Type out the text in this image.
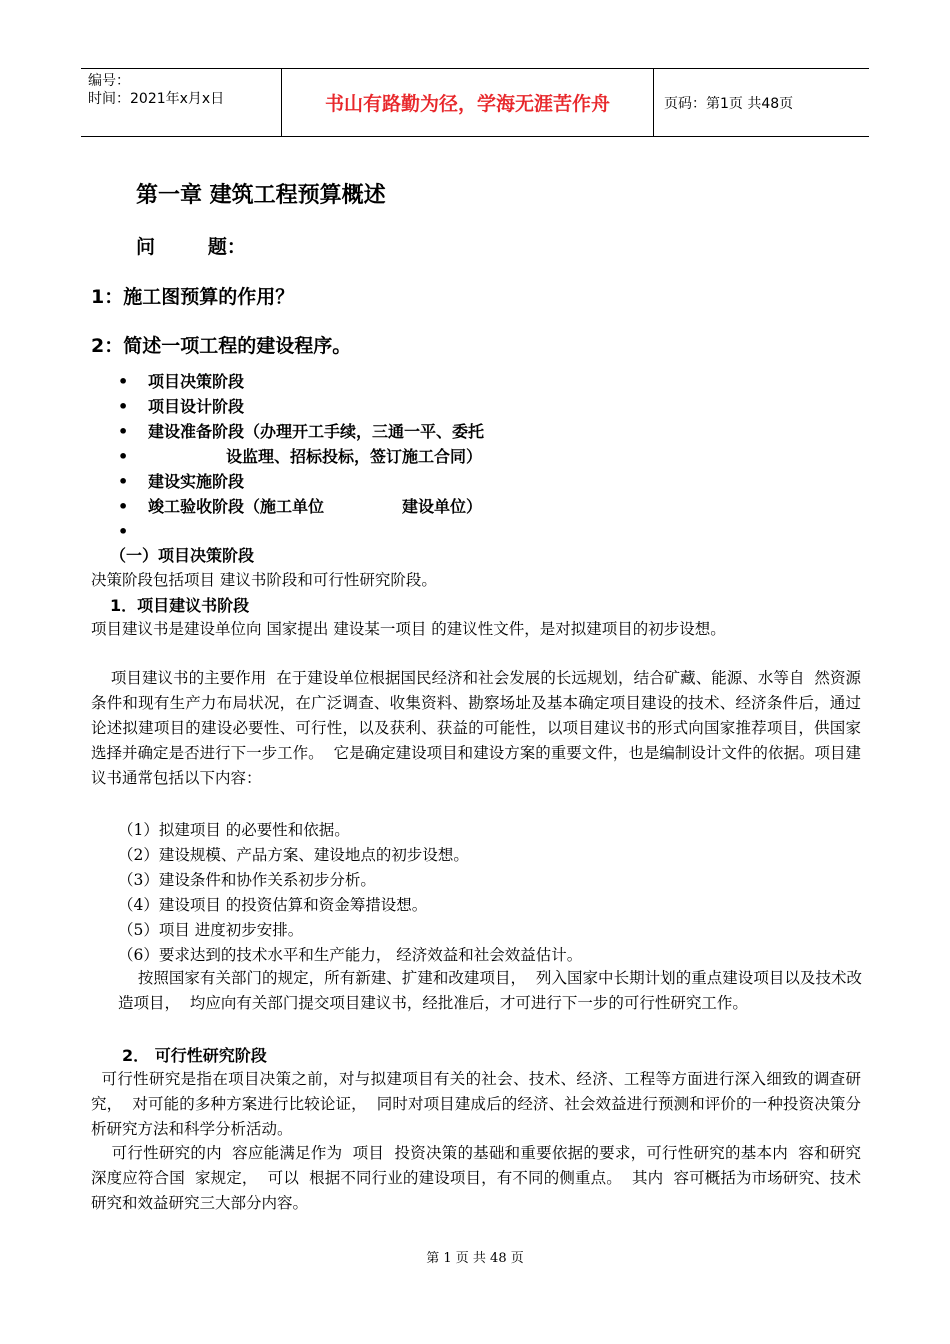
编号：
时间：2021年x月x日	书山有路勤为径，学海无涯苦作舟	页码：第1页 共48页
第一章 建筑工程预算概述
问        题：
1：施工图预算的作用？
2：简述一项工程的建设程序。
• 项目决策阶段
• 项目设计阶段
• 建设准备阶段（办理开工手续，三通一平、委托
•              设监理、招标投标，签订施工合同）
• 建设实施阶段
• 竣工验收阶段（施工单位              建设单位）
•
（一）项目决策阶段
决策阶段包括项目 建议书阶段和可行性研究阶段。
1．项目建议书阶段
项目建议书是建设单位向 国家提出 建设某一项目 的建议性文件，是对拟建项目的初步设想。
项目建议书的主要作用  在于建设单位根据国民经济和社会发展的长远规划，结合矿藏、能源、水等自  然资源条件和现有生产力布局状况，在广泛调查、收集资料、勘察场址及基本确定项目建设的技术、经济条件后，通过论述拟建项目的建设必要性、可行性，以及获利、获益的可能性，以项目建议书的形式向国家推荐项目，供国家选择并确定是否进行下一步工作。  它是确定建设项目和建设方案的重要文件，也是编制设计文件的依据。项目建议书通常包括以下内容：
（1）拟建项目 的必要性和依据。
（2）建设规模、产品方案、建设地点的初步设想。
（3）建设条件和协作关系初步分析。
（4）建设项目 的投资估算和资金筹措设想。
（5）项目 进度初步安排。
（6）要求达到的技术水平和生产能力， 经济效益和社会效益估计。
按照国家有关部门的规定，所有新建、扩建和改建项目，  列入国家中长期计划的重点建设项目以及技术改造项目，  均应向有关部门提交项目建议书，经批准后，才可进行下一步的可行性研究工作。
2． 可行性研究阶段
可行性研究是指在项目决策之前，对与拟建项目有关的社会、技术、经济、工程等方面进行深入细致的调查研究，  对可能的多种方案进行比较论证，  同时对项目建成后的经济、社会效益进行预测和评价的一种投资决策分析研究方法和科学分析活动。
可行性研究的内  容应能满足作为  项目  投资决策的基础和重要依据的要求，可行性研究的基本内  容和研究深度应符合国  家规定，  可以  根据不同行业的建设项目，有不同的侧重点。  其内  容可概括为市场研究、技术研究和效益研究三大部分内容。
第 1 页 共 48 页
